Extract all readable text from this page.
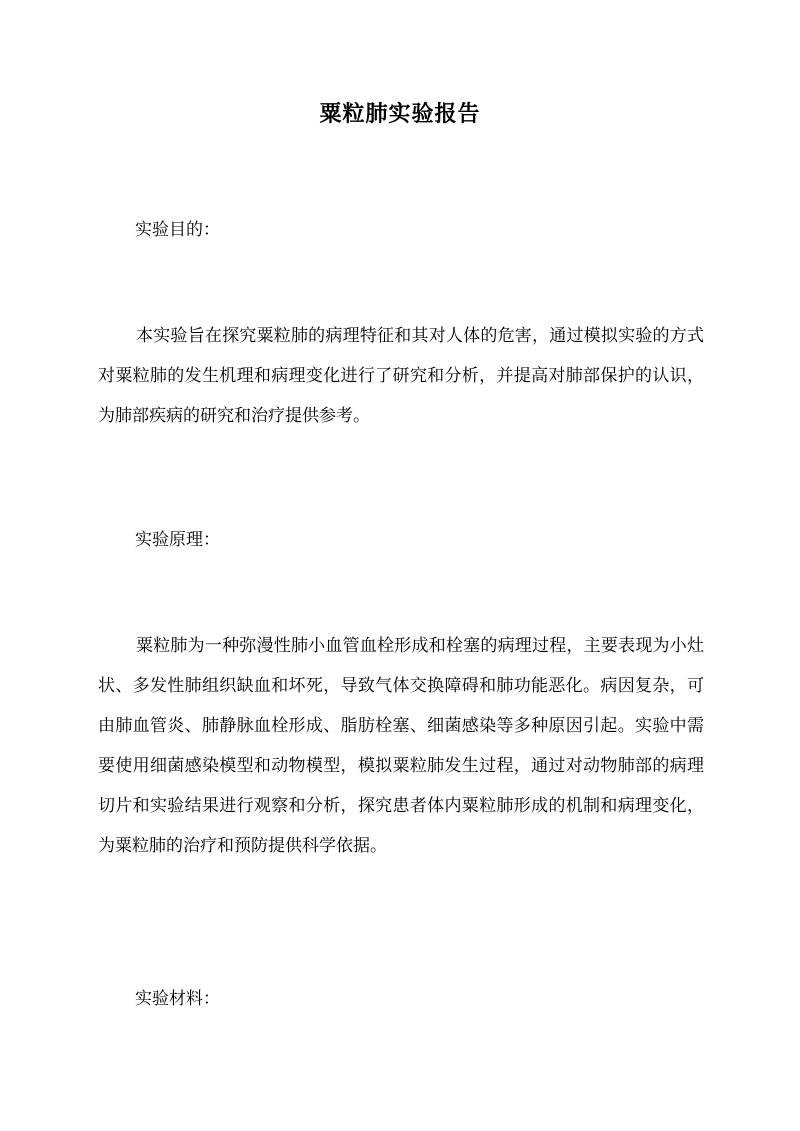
粟粒肺实验报告
实验目的：

本实验旨在探究粟粒肺的病理特征和其对人体的危害，通过模拟实验的方式对粟粒肺的发生机理和病理变化进行了研究和分析，并提高对肺部保护的认识，为肺部疾病的研究和治疗提供参考。

实验原理：

粟粒肺为一种弥漫性肺小血管血栓形成和栓塞的病理过程，主要表现为小灶状、多发性肺组织缺血和坏死，导致气体交换障碍和肺功能恶化。病因复杂，可由肺血管炎、肺静脉血栓形成、脂肪栓塞、细菌感染等多种原因引起。实验中需要使用细菌感染模型和动物模型，模拟粟粒肺发生过程，通过对动物肺部的病理切片和实验结果进行观察和分析，探究患者体内粟粒肺形成的机制和病理变化，为粟粒肺的治疗和预防提供科学依据。

实验材料：
